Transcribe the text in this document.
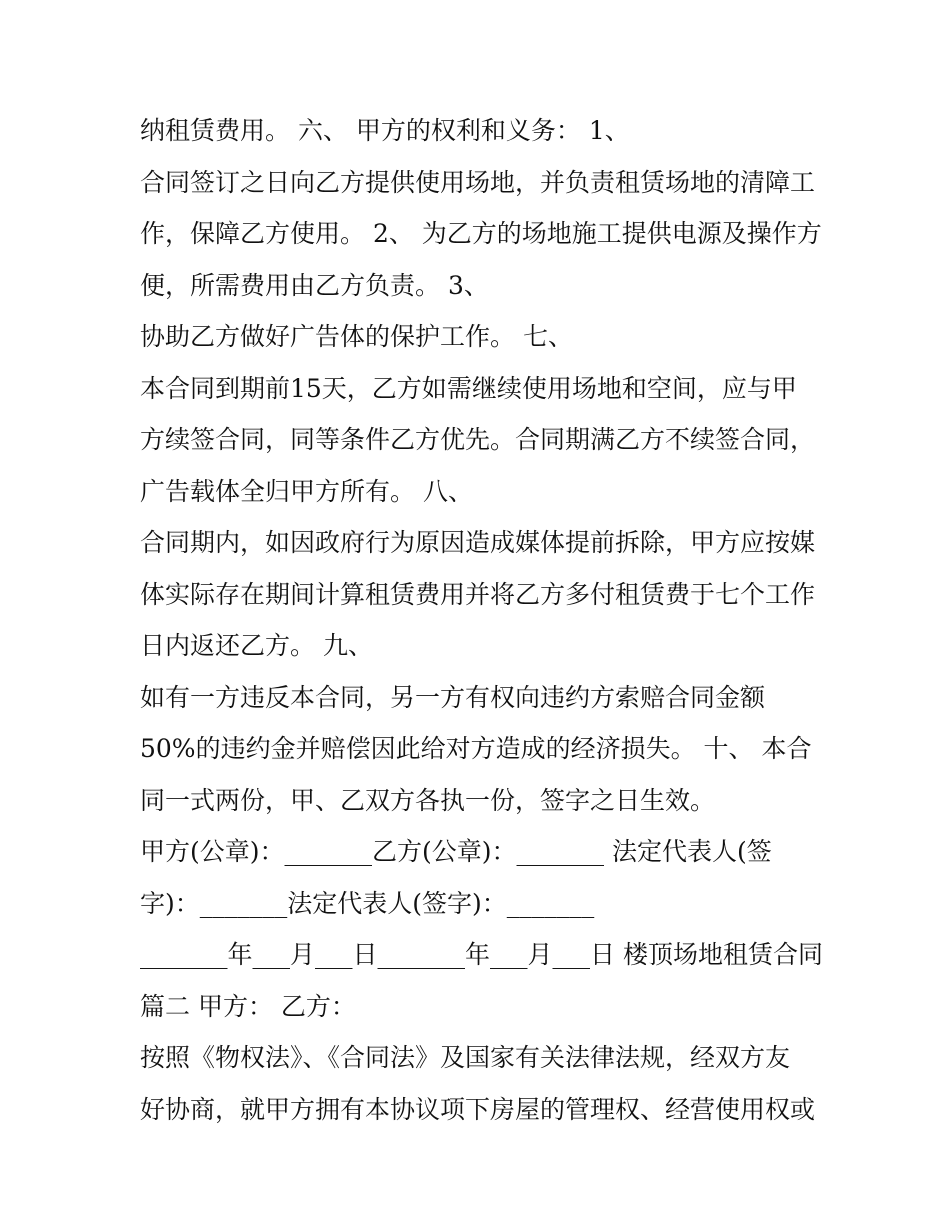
纳租赁费用。 六、 甲方的权利和义务： 1、
合同签订之日向乙方提供使用场地，并负责租赁场地的清障工
作，保障乙方使用。 2、 为乙方的场地施工提供电源及操作方
便，所需费用由乙方负责。 3、
协助乙方做好广告体的保护工作。 七、
本合同到期前15天，乙方如需继续使用场地和空间，应与甲
方续签合同，同等条件乙方优先。合同期满乙方不续签合同，
广告载体全归甲方所有。 八、
合同期内，如因政府行为原因造成媒体提前拆除，甲方应按媒
体实际存在期间计算租赁费用并将乙方多付租赁费于七个工作
日内返还乙方。 九、
如有一方违反本合同，另一方有权向违约方索赔合同金额
50%的违约金并赔偿因此给对方造成的经济损失。 十、 本合
同一式两份，甲、乙双方各执一份，签字之日生效。
甲方(公章)：_______乙方(公章)：_______ 法定代表人(签
字)：_______法定代表人(签字)：_______
_______年___月___日_______年___月___日 楼顶场地租赁合同
篇二 甲方： 乙方：
按照《物权法》、《合同法》及国家有关法律法规，经双方友
好协商，就甲方拥有本协议项下房屋的管理权、经营使用权或
